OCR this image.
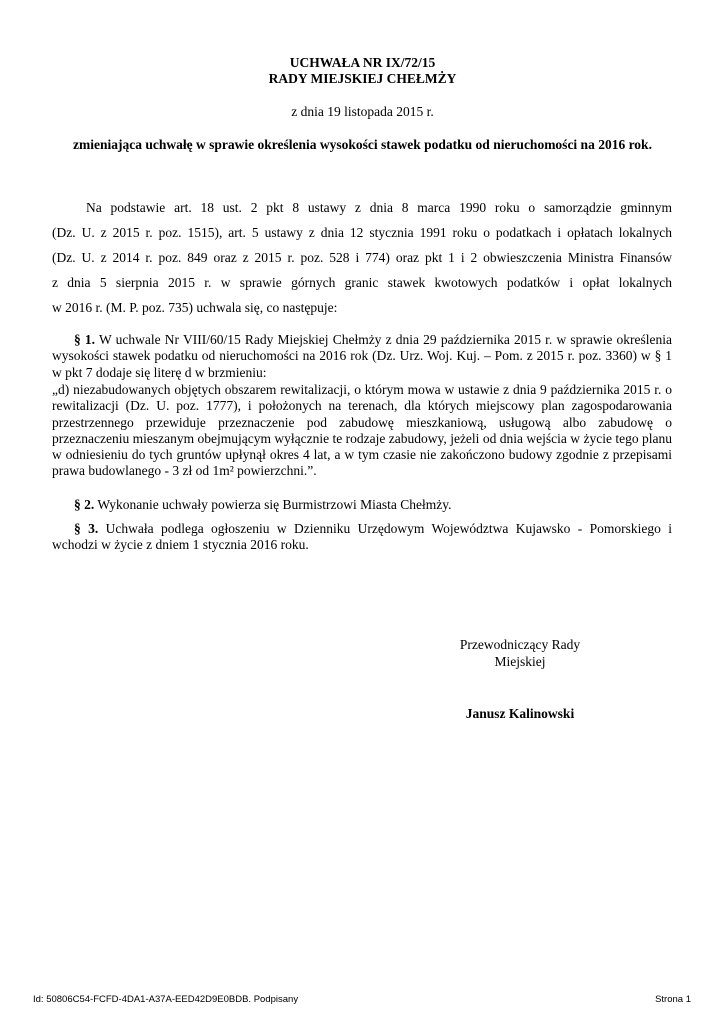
UCHWAŁA NR IX/72/15
RADY MIEJSKIEJ CHEŁMŻY
z dnia 19 listopada 2015 r.
zmieniająca uchwałę w sprawie określenia wysokości stawek podatku od nieruchomości na 2016 rok.
Na podstawie art. 18 ust. 2 pkt 8 ustawy z dnia 8 marca 1990 roku o samorządzie gminnym
(Dz. U. z 2015 r. poz. 1515), art. 5 ustawy z dnia 12 stycznia 1991 roku o podatkach i opłatach lokalnych
(Dz. U. z 2014 r. poz. 849 oraz z 2015 r. poz. 528 i 774) oraz pkt 1 i 2 obwieszczenia Ministra Finansów
z dnia 5 sierpnia 2015 r. w sprawie górnych granic stawek kwotowych podatków i opłat lokalnych
w 2016 r. (M. P. poz. 735) uchwala się, co następuje:
§ 1. W uchwale Nr VIII/60/15 Rady Miejskiej Chełmży z dnia 29 października 2015 r. w sprawie określenia wysokości stawek podatku od nieruchomości na 2016 rok (Dz. Urz. Woj. Kuj. – Pom. z 2015 r. poz. 3360) w § 1 w pkt 7 dodaje się literę d w brzmieniu:
„d) niezabudowanych objętych obszarem rewitalizacji, o którym mowa w ustawie z dnia 9 października 2015 r. o rewitalizacji (Dz. U. poz. 1777), i położonych na terenach, dla których miejscowy plan zagospodarowania przestrzennego przewiduje przeznaczenie pod zabudowę mieszkaniową, usługową albo zabudowę o przeznaczeniu mieszanym obejmującym wyłącznie te rodzaje zabudowy, jeżeli od dnia wejścia w życie tego planu w odniesieniu do tych gruntów upłynął okres 4 lat, a w tym czasie nie zakończono budowy zgodnie z przepisami prawa budowlanego - 3 zł od 1m² powierzchni.”.
§ 2. Wykonanie uchwały powierza się Burmistrzowi Miasta Chełmży.
§ 3. Uchwała podlega ogłoszeniu w Dzienniku Urzędowym Województwa Kujawsko - Pomorskiego i wchodzi w życie z dniem 1 stycznia 2016 roku.
Przewodniczący Rady
Miejskiej
Janusz Kalinowski
Id: 50806C54-FCFD-4DA1-A37A-EED42D9E0BDB. Podpisany	Strona 1
